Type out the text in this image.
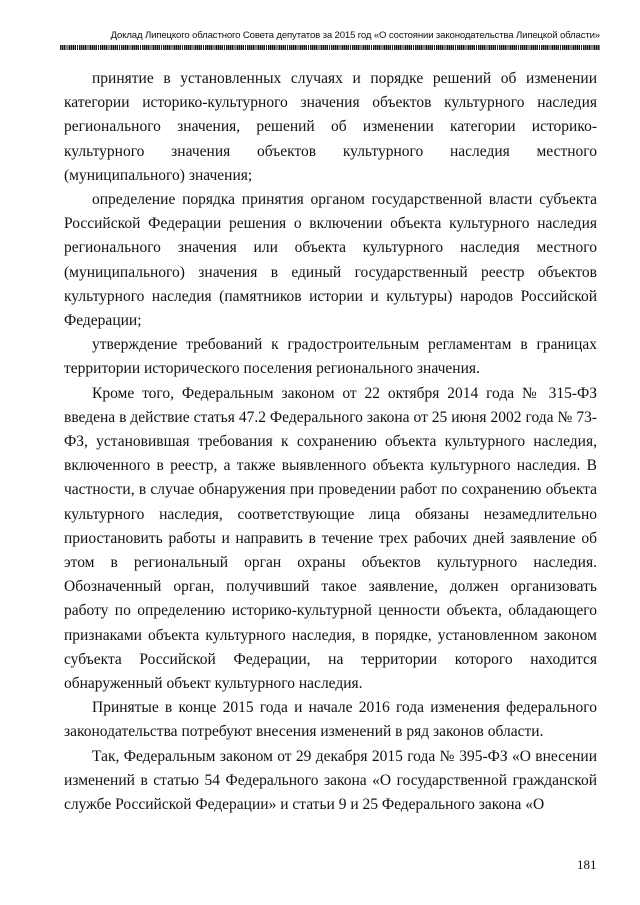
Доклад Липецкого областного Совета депутатов за 2015 год «О состоянии законодательства Липецкой области»

принятие в установленных случаях и порядке решений об изменении категории историко-культурного значения объектов культурного наследия регионального значения, решений об изменении категории историко-культурного значения объектов культурного наследия местного (муниципального) значения;

определение порядка принятия органом государственной власти субъекта Российской Федерации решения о включении объекта культурного наследия регионального значения или объекта культурного наследия местного (муниципального) значения в единый государственный реестр объектов культурного наследия (памятников истории и культуры) народов Российской Федерации;

утверждение требований к градостроительным регламентам в границах территории исторического поселения регионального значения.

Кроме того, Федеральным законом от 22 октября 2014 года № 315-ФЗ введена в действие статья 47.2 Федерального закона от 25 июня 2002 года № 73-ФЗ, установившая требования к сохранению объекта культурного наследия, включенного в реестр, а также выявленного объекта культурного наследия. В частности, в случае обнаружения при проведении работ по сохранению объекта культурного наследия, соответствующие лица обязаны незамедлительно приостановить работы и направить в течение трех рабочих дней заявление об этом в региональный орган охраны объектов культурного наследия. Обозначенный орган, получивший такое заявление, должен организовать работу по определению историко-культурной ценности объекта, обладающего признаками объекта культурного наследия, в порядке, установленном законом субъекта Российской Федерации, на территории которого находится обнаруженный объект культурного наследия.

Принятые в конце 2015 года и начале 2016 года изменения федерального законодательства потребуют внесения изменений в ряд законов области.

Так, Федеральным законом от 29 декабря 2015 года № 395-ФЗ «О внесении изменений в статью 54 Федерального закона «О государственной гражданской службе Российской Федерации» и статьи 9 и 25 Федерального закона «О

181
